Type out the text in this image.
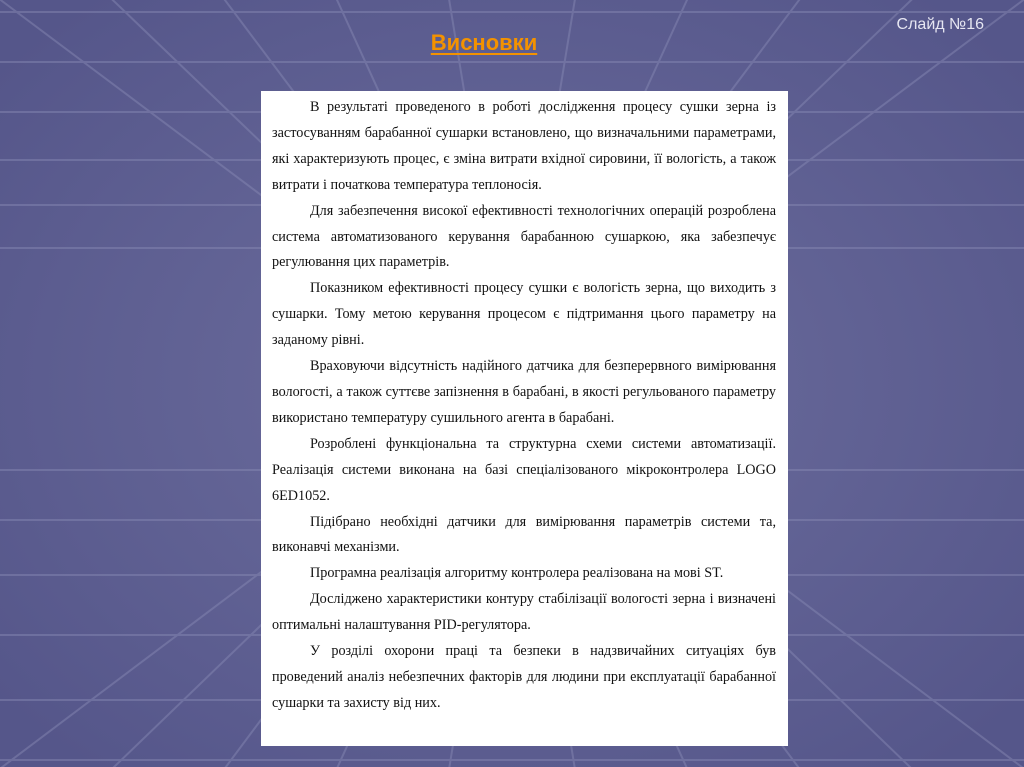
Слайд №16
Висновки

В результаті проведеного в роботі дослідження процесу сушки зерна із застосуванням барабанної сушарки встановлено, що визначальними параметрами, які характеризують процес, є зміна витрати вхідної сировини, її вологість, а також витрати і початкова температура теплоносія.

Для забезпечення високої ефективності технологічних операцій розроблена система автоматизованого керування барабанною сушаркою, яка забезпечує регулювання цих параметрів.

Показником ефективності процесу сушки є вологість зерна, що виходить з сушарки. Тому метою керування процесом є підтримання цього параметру на заданому рівні.

Враховуючи відсутність надійного датчика для безперервного вимірювання вологості, а також суттєве запізнення в барабані, в якості регульованого параметру використано температуру сушильного агента в барабані.

Розроблені функціональна та структурна схеми системи автоматизації. Реалізація системи виконана на базі спеціалізованого мікроконтролера LOGO 6ED1052.

Підібрано необхідні датчики для вимірювання параметрів системи та, виконавчі механізми.

Програмна реалізація алгоритму контролера реалізована на мові ST.

Досліджено характеристики контуру стабілізації вологості зерна і визначені оптимальні налаштування PID-регулятора.

У розділі охорони праці та безпеки в надзвичайних ситуаціях був проведений аналіз небезпечних факторів для людини при експлуатації барабанної сушарки та захисту від них.
